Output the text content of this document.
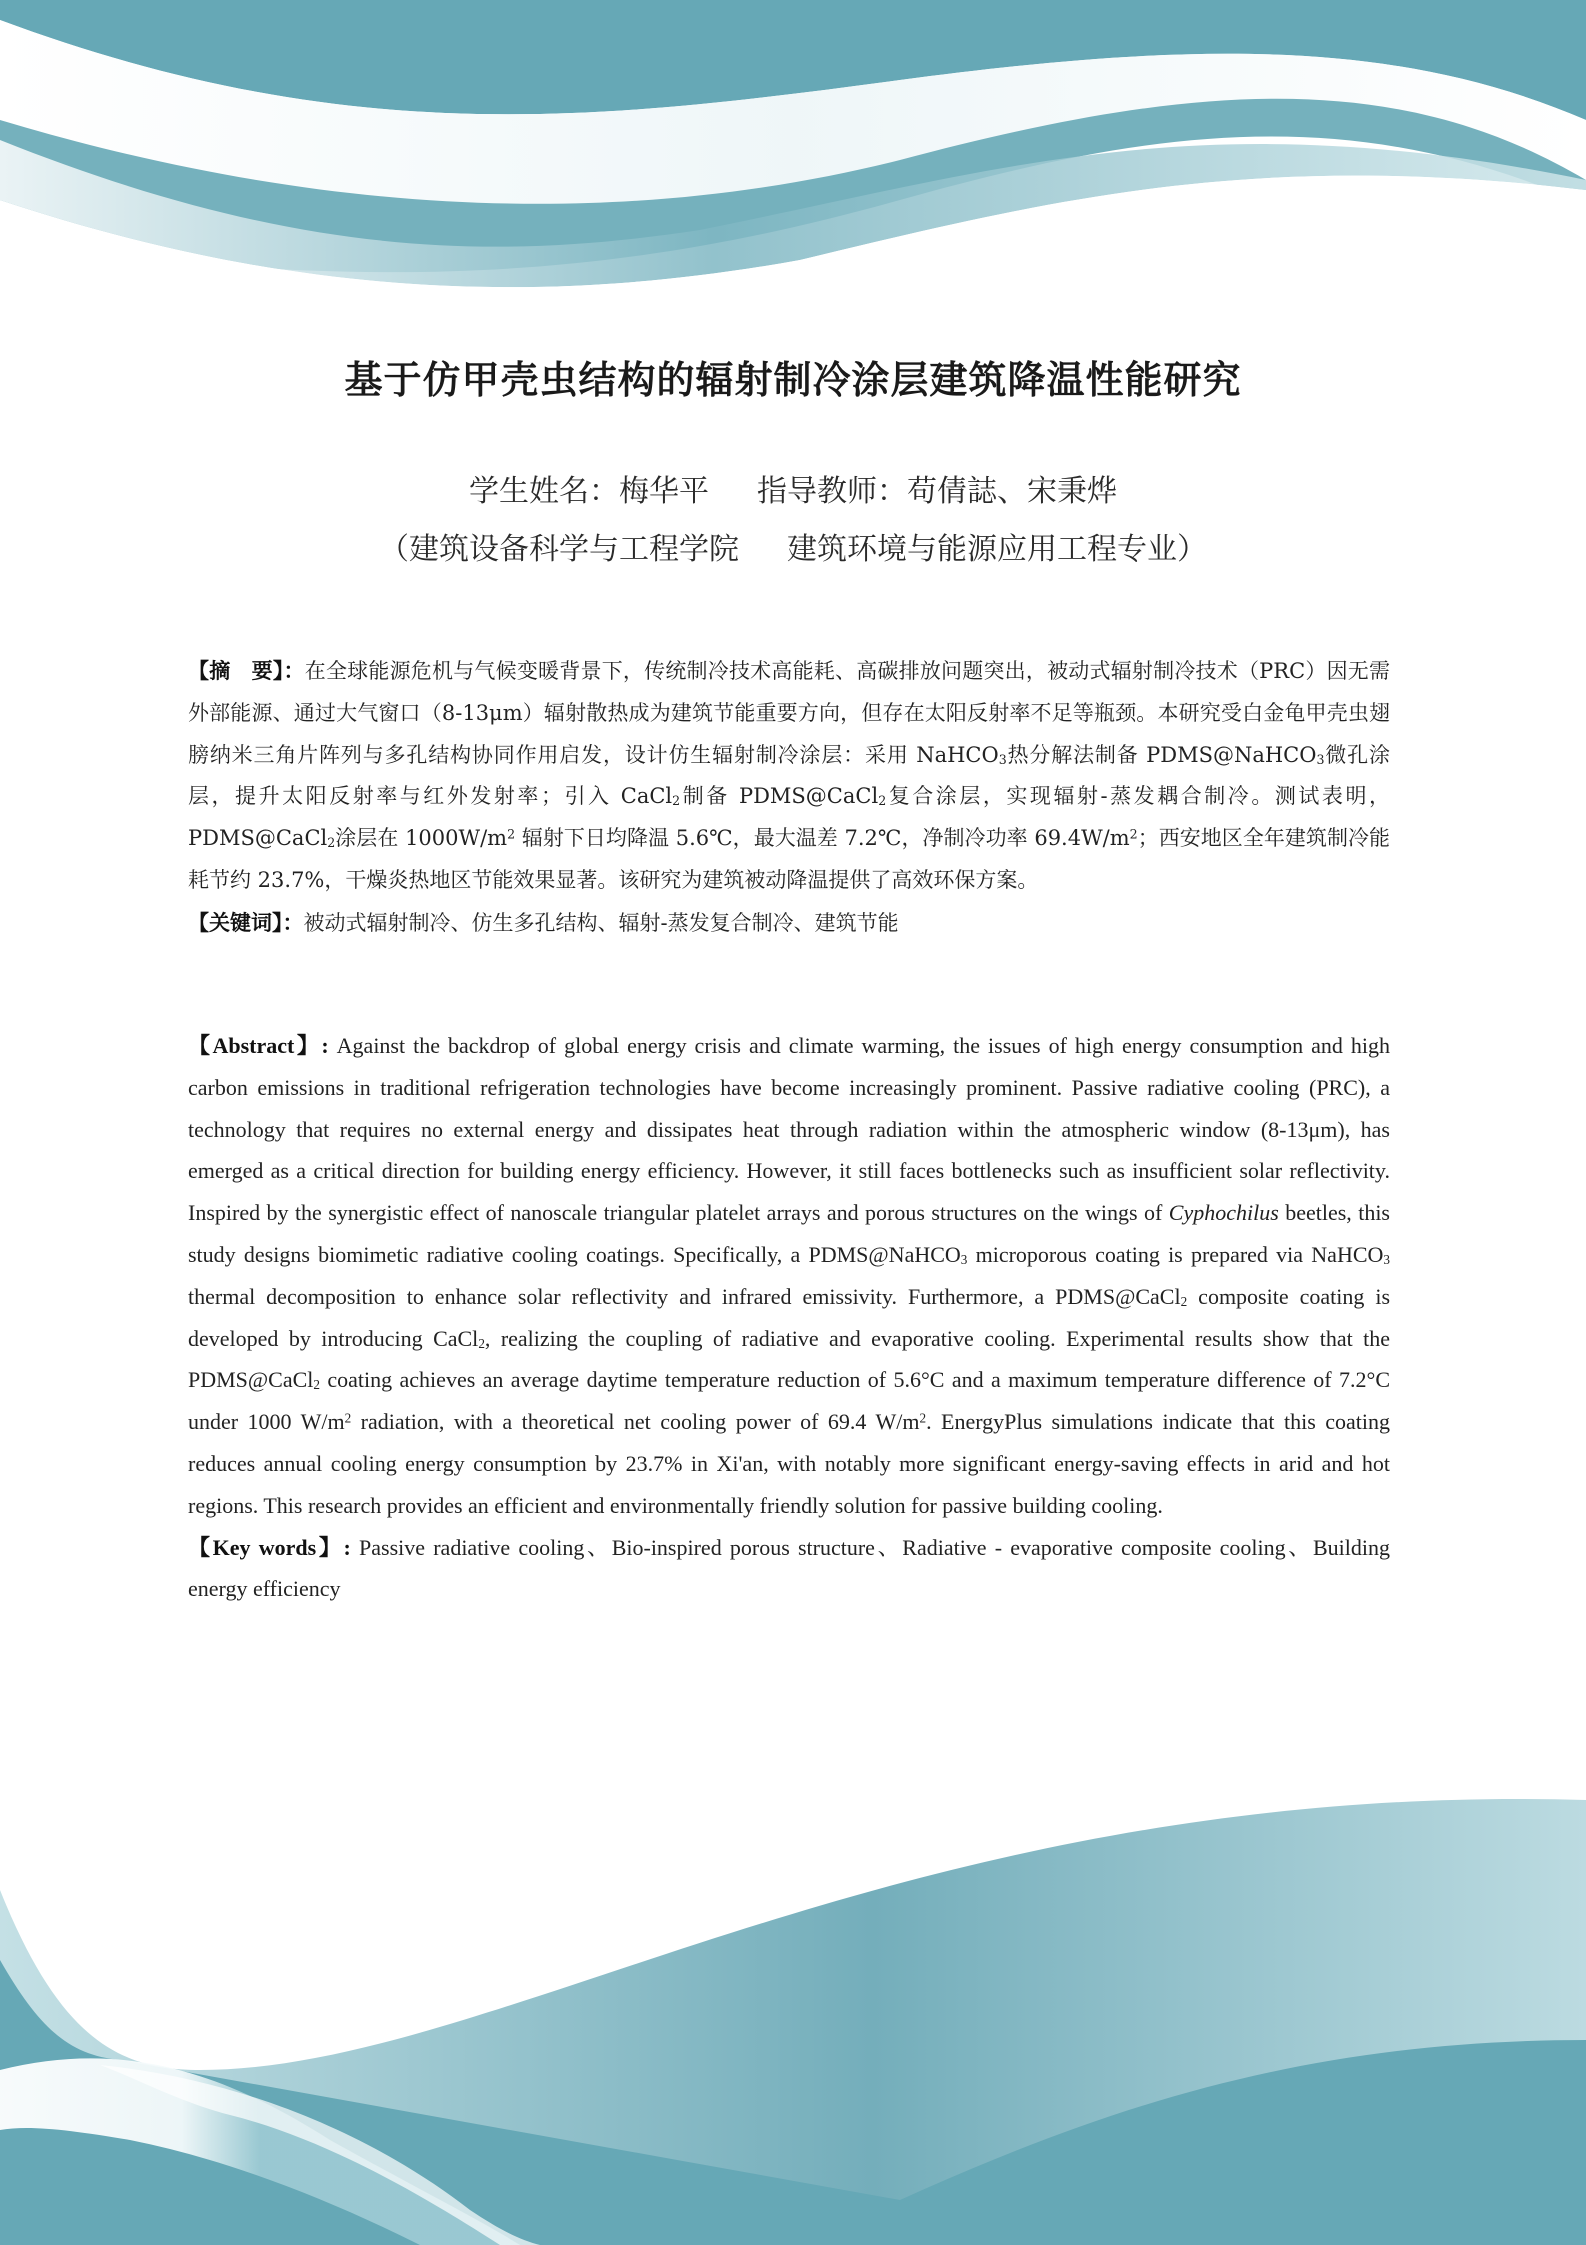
基于仿甲壳虫结构的辐射制冷涂层建筑降温性能研究
学生姓名：梅华平 指导教师：苟倩誌、宋秉烨
（建筑设备科学与工程学院 建筑环境与能源应用工程专业）

【摘　要】：在全球能源危机与气候变暖背景下，传统制冷技术高能耗、高碳排放问题突出，被动式辐射制冷技术（PRC）因无需外部能源、通过大气窗口（8-13μm）辐射散热成为建筑节能重要方向，但存在太阳反射率不足等瓶颈。本研究受白金龟甲壳虫翅膀纳米三角片阵列与多孔结构协同作用启发，设计仿生辐射制冷涂层：采用 NaHCO$_3$热分解法制备 PDMS@NaHCO$_3$微孔涂层，提升太阳反射率与红外发射率；引入 CaCl$_2$制备 PDMS@CaCl$_2$复合涂层，实现辐射-蒸发耦合制冷。测试表明，PDMS@CaCl$_2$涂层在 $1000W/m^2$ 辐射下日均降温 5.6℃，最大温差 7.2℃，净制冷功率 $69.4W/m^2$；西安地区全年建筑制冷能耗节约 23.7%，干燥炎热地区节能效果显著。该研究为建筑被动降温提供了高效环保方案。

【关键词】：被动式辐射制冷、仿生多孔结构、辐射-蒸发复合制冷、建筑节能

【Abstract】: Against the backdrop of global energy crisis and climate warming, the issues of high energy consumption and high carbon emissions in traditional refrigeration technologies have become increasingly prominent. Passive radiative cooling (PRC), a technology that requires no external energy and dissipates heat through radiation within the atmospheric window (8-13μm), has emerged as a critical direction for building energy efficiency. However, it still faces bottlenecks such as insufficient solar reflectivity. Inspired by the synergistic effect of nanoscale triangular platelet arrays and porous structures on the wings of Cyphochilus beetles, this study designs biomimetic radiative cooling coatings. Specifically, a PDMS@NaHCO$_3$ microporous coating is prepared via NaHCO$_3$ thermal decomposition to enhance solar reflectivity and infrared emissivity. Furthermore, a PDMS@CaCl$_2$ composite coating is developed by introducing CaCl$_2$, realizing the coupling of radiative and evaporative cooling. Experimental results show that the PDMS@CaCl$_2$ coating achieves an average daytime temperature reduction of 5.6°C and a maximum temperature difference of 7.2°C under 1000 $W/m^2$ radiation, with a theoretical net cooling power of 69.4 $W/m^2$. EnergyPlus simulations indicate that this coating reduces annual cooling energy consumption by 23.7% in Xi'an, with notably more significant energy-saving effects in arid and hot regions. This research provides an efficient and environmentally friendly solution for passive building cooling.

【Key words】: Passive radiative cooling、Bio-inspired porous structure、Radiative - evaporative composite cooling、Building energy efficiency
